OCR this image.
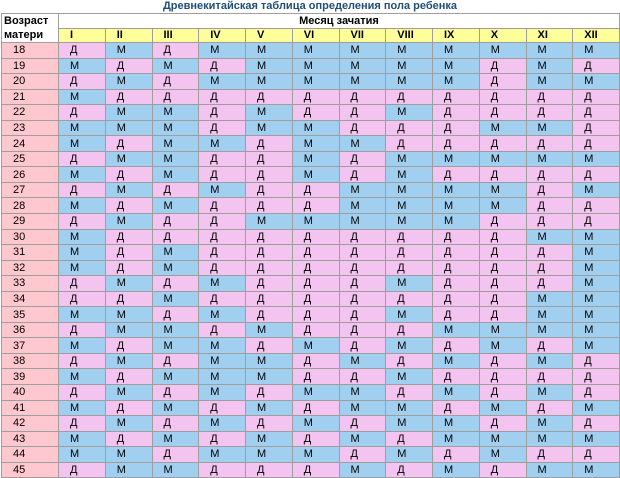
Древнекитайская таблица определения пола ребенка
Возраст
матери	Месяц зачатия											
	I	II	III	IV	V	VI	VII	VIII	IX	X	XI	XII
18	Д	М	Д	М	М	М	М	М	М	М	М	М
19	М	Д	М	Д	М	М	М	М	М	Д	М	Д
20	Д	М	Д	М	М	М	М	М	М	Д	М	М
21	М	Д	Д	Д	Д	Д	Д	Д	Д	Д	Д	Д
22	Д	М	М	Д	М	Д	Д	М	Д	Д	Д	Д
23	М	М	М	Д	М	М	Д	Д	Д	М	М	Д
24	М	Д	М	М	Д	М	М	Д	Д	Д	Д	Д
25	Д	М	М	Д	Д	М	Д	М	М	М	М	М
26	М	Д	М	Д	Д	М	Д	М	Д	Д	Д	Д
27	Д	М	Д	М	Д	Д	М	М	М	М	Д	М
28	М	Д	М	Д	Д	Д	М	М	М	М	Д	Д
29	Д	М	Д	Д	М	М	М	М	М	Д	Д	Д
30	М	Д	Д	Д	Д	Д	Д	Д	Д	Д	М	М
31	М	Д	М	Д	Д	Д	Д	Д	Д	Д	Д	М
32	М	Д	М	Д	Д	Д	Д	Д	Д	Д	Д	М
33	Д	М	Д	М	Д	Д	Д	М	Д	Д	Д	М
34	Д	Д	М	Д	Д	Д	Д	Д	Д	Д	М	М
35	М	М	Д	М	Д	Д	Д	М	Д	Д	М	М
36	Д	М	М	Д	М	Д	Д	Д	М	М	М	М
37	М	Д	М	М	Д	М	Д	М	Д	М	Д	М
38	Д	М	Д	М	М	Д	М	Д	М	Д	М	Д
39	М	Д	М	М	М	Д	Д	М	Д	Д	Д	Д
40	Д	М	Д	М	Д	М	М	Д	М	Д	М	Д
41	М	Д	М	Д	М	Д	М	М	Д	М	Д	М
42	Д	М	Д	М	Д	М	Д	М	М	Д	М	Д
43	М	Д	М	Д	М	Д	М	Д	М	М	М	М
44	М	М	Д	М	М	М	Д	М	Д	М	Д	Д
45	Д	М	М	Д	Д	Д	М	Д	М	Д	М	М
